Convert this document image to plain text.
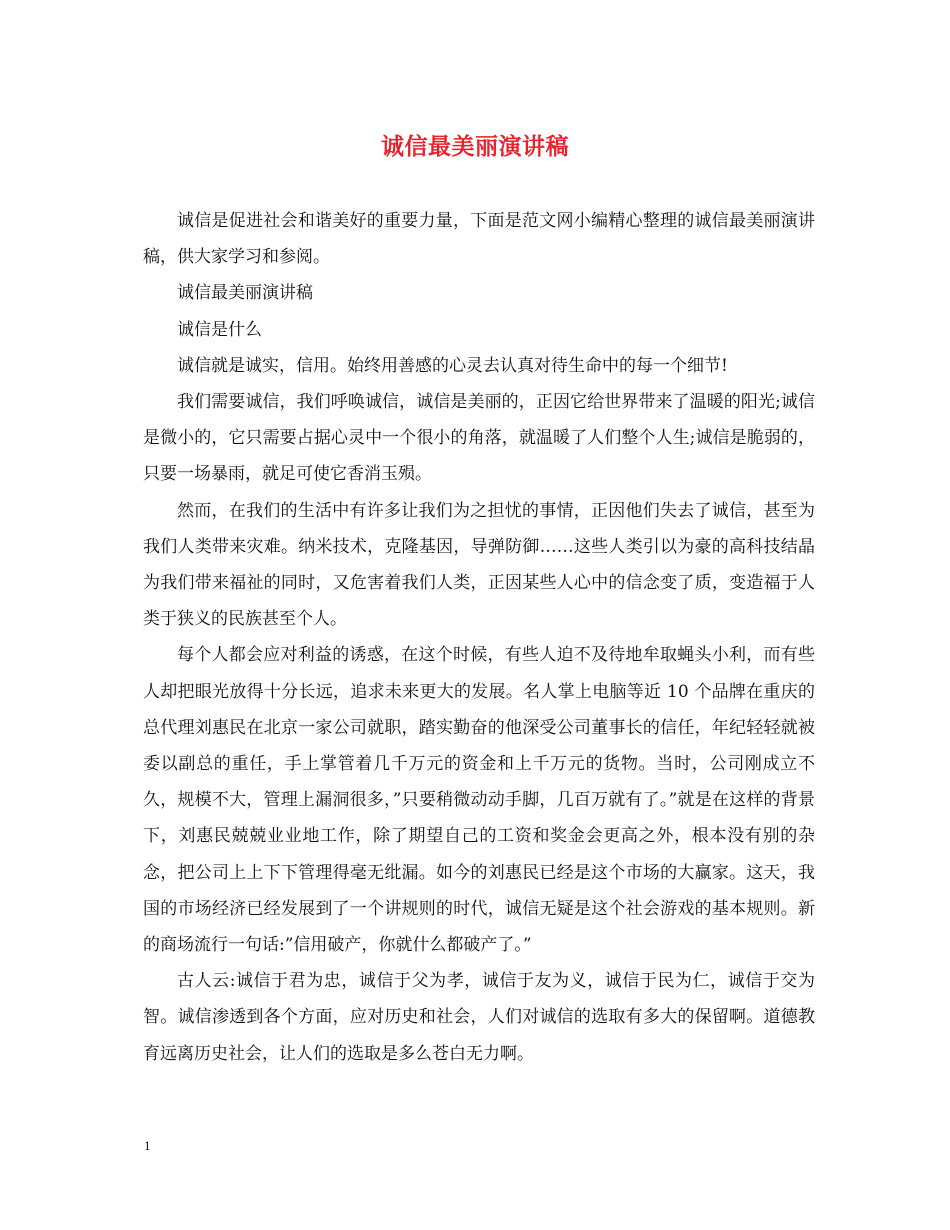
诚信最美丽演讲稿

诚信是促进社会和谐美好的重要力量，下面是范文网小编精心整理的诚信最美丽演讲稿，供大家学习和参阅。

诚信最美丽演讲稿

诚信是什么

诚信就是诚实，信用。始终用善感的心灵去认真对待生命中的每一个细节!

我们需要诚信，我们呼唤诚信，诚信是美丽的，正因它给世界带来了温暖的阳光;诚信是微小的，它只需要占据心灵中一个很小的角落，就温暖了人们整个人生;诚信是脆弱的，只要一场暴雨，就足可使它香消玉殒。

然而，在我们的生活中有许多让我们为之担忧的事情，正因他们失去了诚信，甚至为我们人类带来灾难。纳米技术，克隆基因，导弹防御……这些人类引以为豪的高科技结晶为我们带来福祉的同时，又危害着我们人类，正因某些人心中的信念变了质，变造福于人类于狭义的民族甚至个人。

每个人都会应对利益的诱惑，在这个时候，有些人迫不及待地牟取蝇头小利，而有些人却把眼光放得十分长远，追求未来更大的发展。名人掌上电脑等近 10 个品牌在重庆的总代理刘惠民在北京一家公司就职，踏实勤奋的他深受公司董事长的信任，年纪轻轻就被委以副总的重任，手上掌管着几千万元的资金和上千万元的货物。当时，公司刚成立不久，规模不大，管理上漏洞很多，”只要稍微动动手脚，几百万就有了。”就是在这样的背景下，刘惠民兢兢业业地工作，除了期望自己的工资和奖金会更高之外，根本没有别的杂念，把公司上上下下管理得毫无纰漏。如今的刘惠民已经是这个市场的大赢家。这天，我国的市场经济已经发展到了一个讲规则的时代，诚信无疑是这个社会游戏的基本规则。新的商场流行一句话:”信用破产，你就什么都破产了。”

古人云:诚信于君为忠，诚信于父为孝，诚信于友为义，诚信于民为仁，诚信于交为智。诚信渗透到各个方面，应对历史和社会，人们对诚信的选取有多大的保留啊。道德教育远离历史社会，让人们的选取是多么苍白无力啊。

1
